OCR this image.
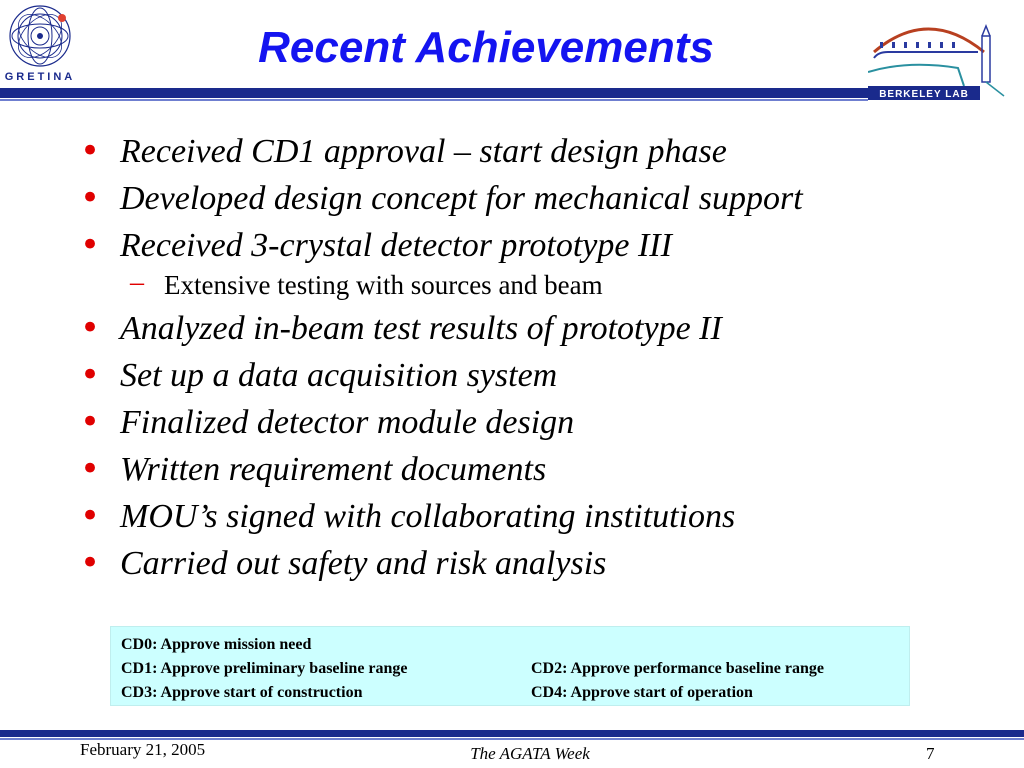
GRETINA
Recent Achievements
BERKELEY LAB
• Received CD1 approval – start design phase
• Developed design concept for mechanical support
• Received 3-crystal detector prototype III
– Extensive testing with sources and beam
• Analyzed in-beam test results of prototype II
• Set up a data acquisition system
• Finalized detector module design
• Written requirement documents
• MOU’s signed with collaborating institutions
• Carried out safety and risk analysis
CD0: Approve mission need
CD1: Approve preliminary baseline range	CD2: Approve performance baseline range
CD3: Approve start of construction	CD4: Approve start of operation
February 21, 2005	The AGATA Week	7
